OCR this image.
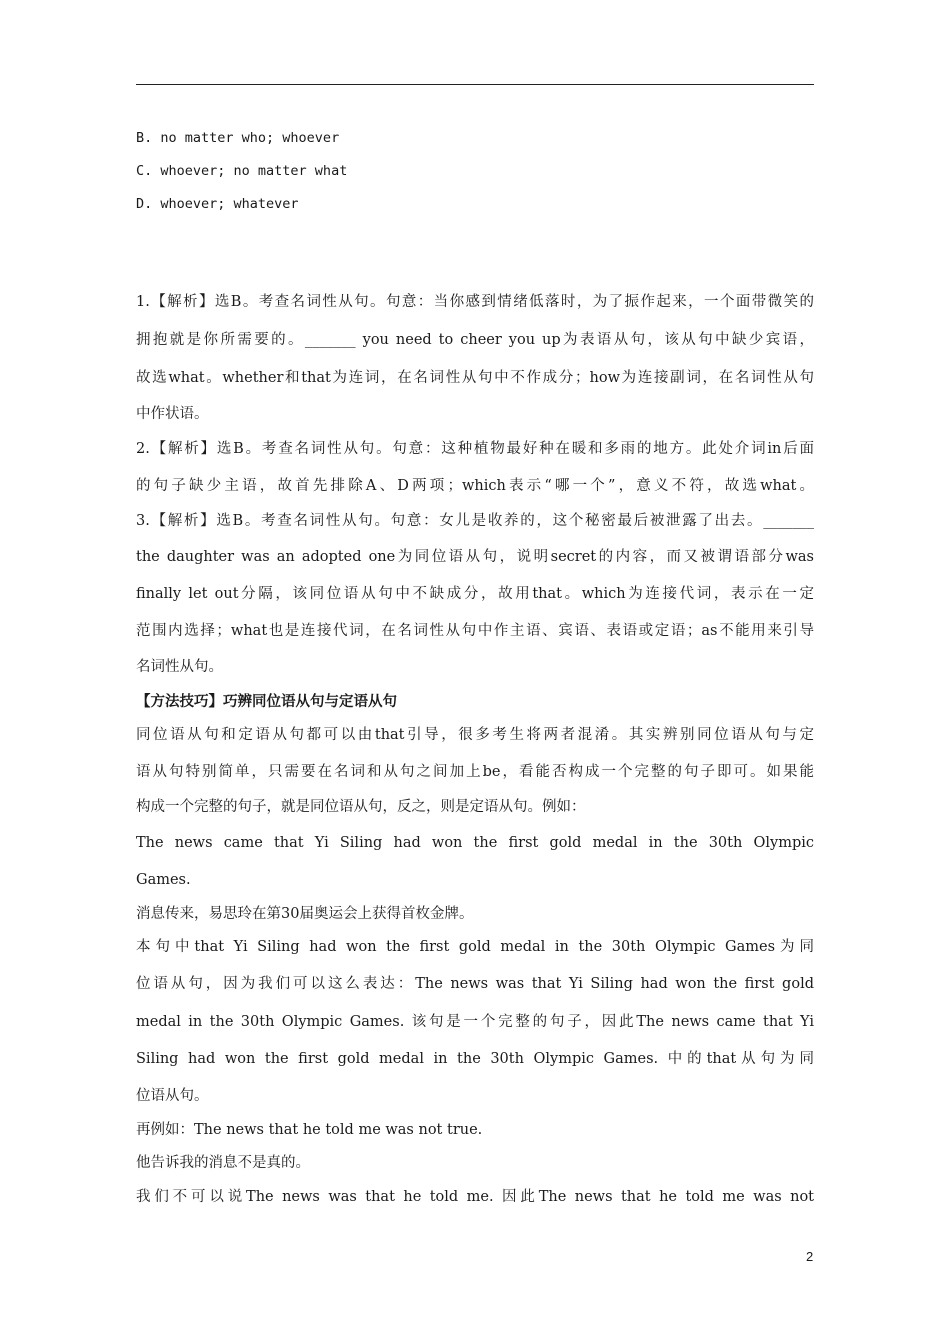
B. no matter who; whoever
C. whoever; no matter what
D. whoever; whatever
1.【解析】选B。考查名词性从句。句意：当你感到情绪低落时，为了振作起来，一个面带微笑的
拥抱就是你所需要的。_______ you need to cheer you up为表语从句，该从句中缺少宾语，
故选what。whether和that为连词，在名词性从句中不作成分；how为连接副词，在名词性从句
中作状语。
2.【解析】选B。考查名词性从句。句意：这种植物最好种在暖和多雨的地方。此处介词in后面
的句子缺少主语，故首先排除A、D两项；which表示“哪一个”，意义不符，故选what。
3.【解析】选B。考查名词性从句。句意：女儿是收养的，这个秘密最后被泄露了出去。_______
the daughter was an adopted one为同位语从句，说明secret的内容，而又被谓语部分was
finally let out分隔，该同位语从句中不缺成分，故用that。which为连接代词，表示在一定
范围内选择；what也是连接代词，在名词性从句中作主语、宾语、表语或定语；as不能用来引导
名词性从句。
【方法技巧】巧辨同位语从句与定语从句
同位语从句和定语从句都可以由that引导，很多考生将两者混淆。其实辨别同位语从句与定
语从句特别简单，只需要在名词和从句之间加上be，看能否构成一个完整的句子即可。如果能
构成一个完整的句子，就是同位语从句，反之，则是定语从句。例如：
The news came that Yi Siling had won the first gold medal in the 30th Olympic
Games.
消息传来，易思玲在第30届奥运会上获得首枚金牌。
本句中that Yi Siling had won the first gold medal in the 30th Olympic Games为同
位语从句，因为我们可以这么表达：The news was that Yi Siling had won the first gold
medal in the 30th Olympic Games. 该句是一个完整的句子，因此The news came that Yi
Siling had won the first gold medal in the 30th Olympic Games. 中的that从句为同
位语从句。
再例如：The news that he told me was not true.
他告诉我的消息不是真的。
我们不可以说The news was that he told me. 因此The news that he told me was not
2
